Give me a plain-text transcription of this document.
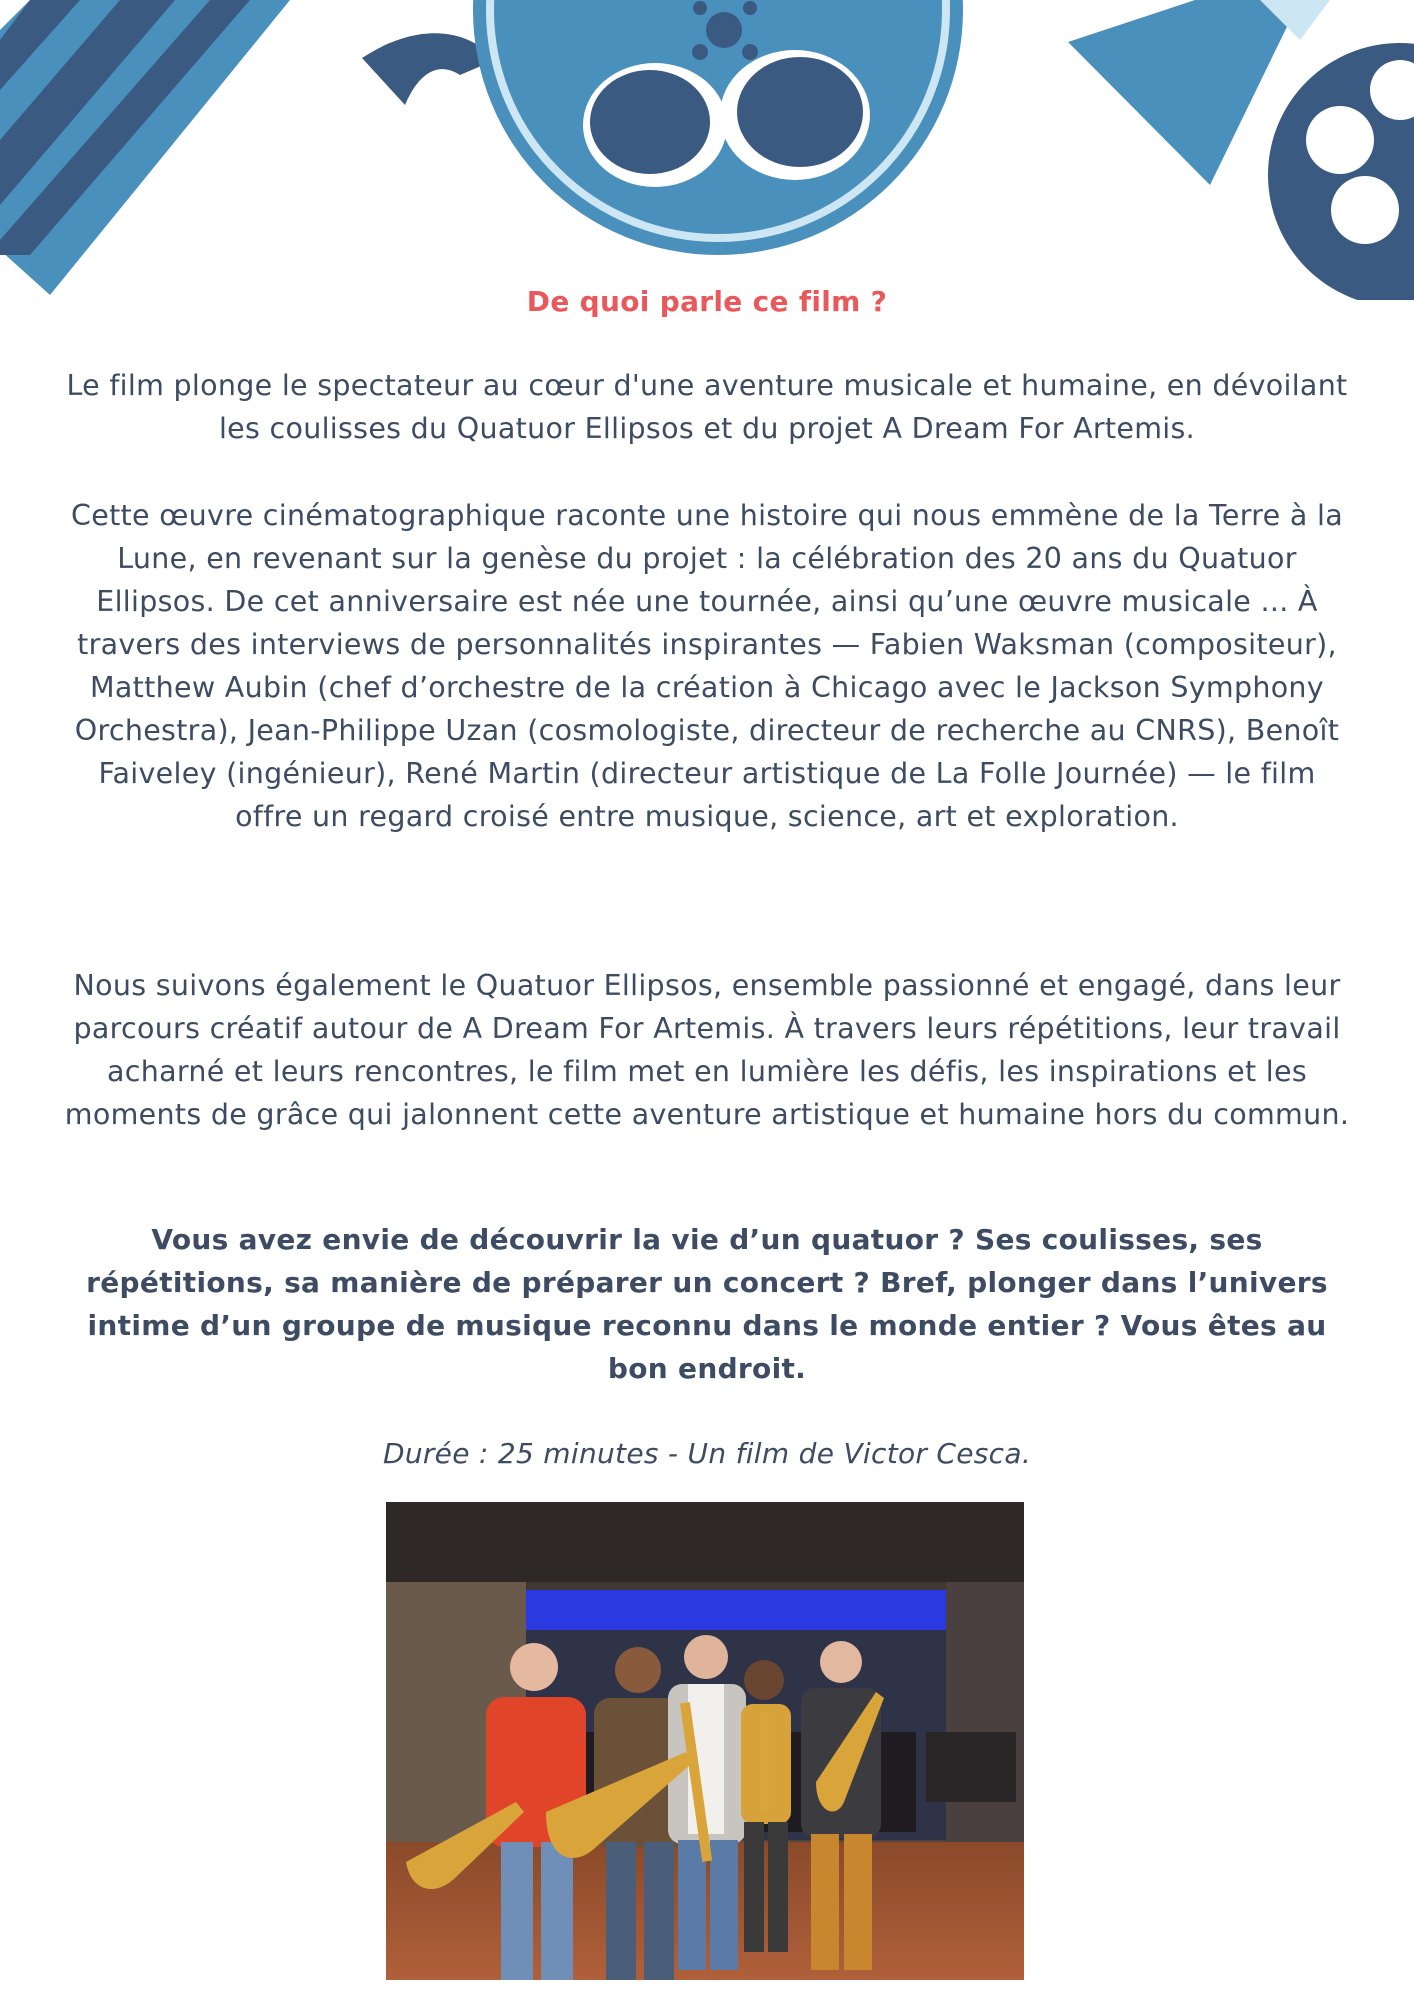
De quoi parle ce film ?

Le film plonge le spectateur au cœur d'une aventure musicale et humaine, en dévoilant les coulisses du Quatuor Ellipsos et du projet A Dream For Artemis.

Cette œuvre cinématographique raconte une histoire qui nous emmène de la Terre à la Lune, en revenant sur la genèse du projet : la célébration des 20 ans du Quatuor Ellipsos. De cet anniversaire est née une tournée, ainsi qu’une œuvre musicale ... À travers des interviews de personnalités inspirantes — Fabien Waksman (compositeur), Matthew Aubin (chef d’orchestre de la création à Chicago avec le Jackson Symphony Orchestra), Jean-Philippe Uzan (cosmologiste, directeur de recherche au CNRS), Benoît Faiveley (ingénieur), René Martin (directeur artistique de La Folle Journée) — le film offre un regard croisé entre musique, science, art et exploration.

Nous suivons également le Quatuor Ellipsos, ensemble passionné et engagé, dans leur parcours créatif autour de A Dream For Artemis. À travers leurs répétitions, leur travail acharné et leurs rencontres, le film met en lumière les défis, les inspirations et les moments de grâce qui jalonnent cette aventure artistique et humaine hors du commun.

Vous avez envie de découvrir la vie d’un quatuor ? Ses coulisses, ses répétitions, sa manière de préparer un concert ? Bref, plonger dans l’univers intime d’un groupe de musique reconnu dans le monde entier ? Vous êtes au bon endroit.

Durée : 25 minutes - Un film de Victor Cesca.
